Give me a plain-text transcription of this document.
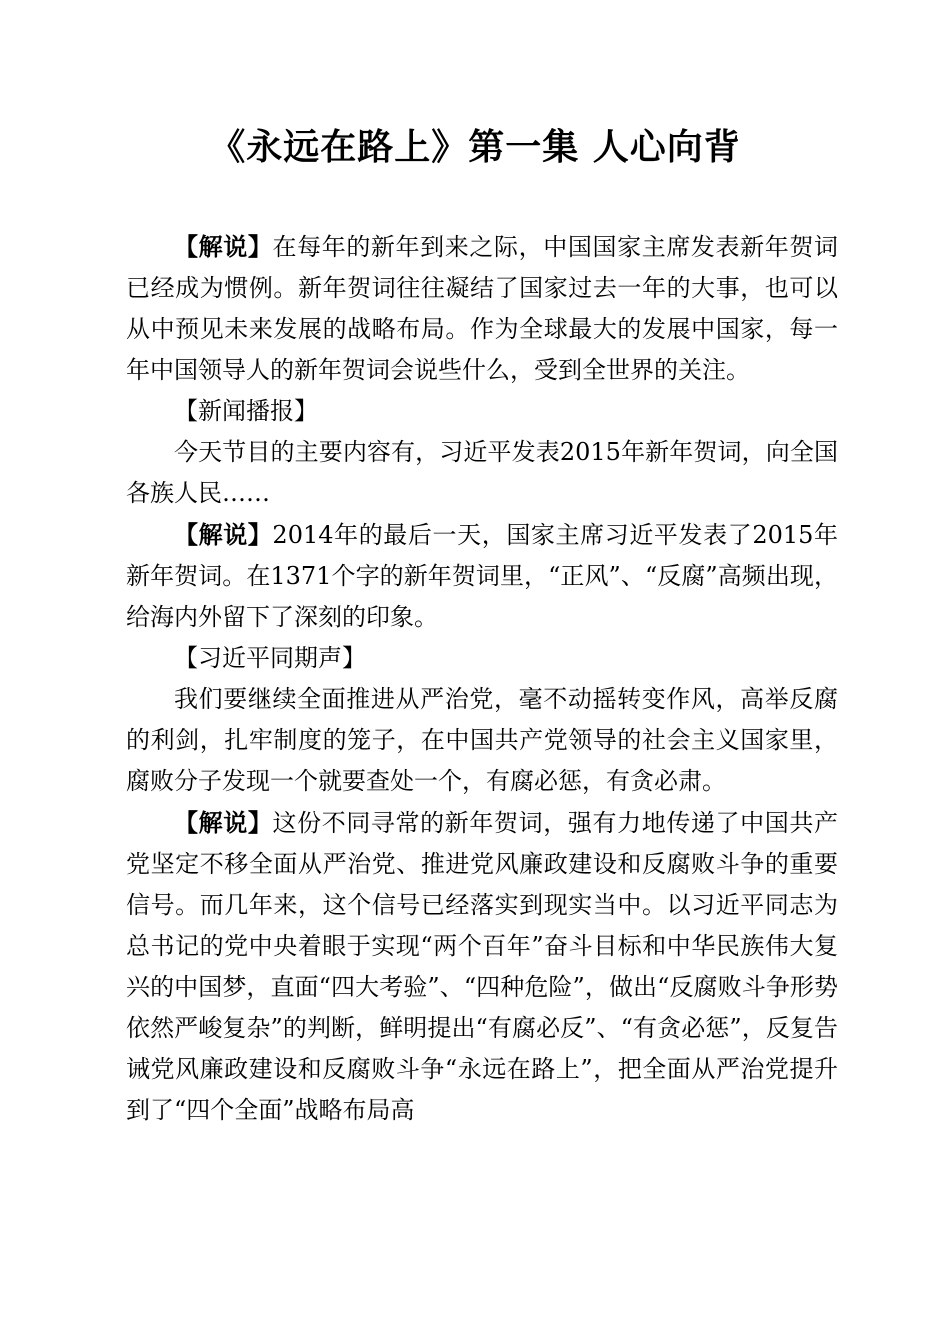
《永远在路上》第一集 人心向背

【解说】在每年的新年到来之际，中国国家主席发表新年贺词已经成为惯例。新年贺词往往凝结了国家过去一年的大事，也可以从中预见未来发展的战略布局。作为全球最大的发展中国家，每一年中国领导人的新年贺词会说些什么，受到全世界的关注。

【新闻播报】

今天节目的主要内容有，习近平发表2015年新年贺词，向全国各族人民……

【解说】2014年的最后一天，国家主席习近平发表了2015年新年贺词。在1371个字的新年贺词里，“正风”、“反腐”高频出现，给海内外留下了深刻的印象。

【习近平同期声】

我们要继续全面推进从严治党，毫不动摇转变作风，高举反腐的利剑，扎牢制度的笼子，在中国共产党领导的社会主义国家里，腐败分子发现一个就要查处一个，有腐必惩，有贪必肃。

【解说】这份不同寻常的新年贺词，强有力地传递了中国共产党坚定不移全面从严治党、推进党风廉政建设和反腐败斗争的重要信号。而几年来，这个信号已经落实到现实当中。以习近平同志为总书记的党中央着眼于实现“两个百年”奋斗目标和中华民族伟大复兴的中国梦，直面“四大考验”、“四种危险”，做出“反腐败斗争形势依然严峻复杂”的判断，鲜明提出“有腐必反”、“有贪必惩”，反复告诫党风廉政建设和反腐败斗争“永远在路上”，把全面从严治党提升到了“四个全面”战略布局高
